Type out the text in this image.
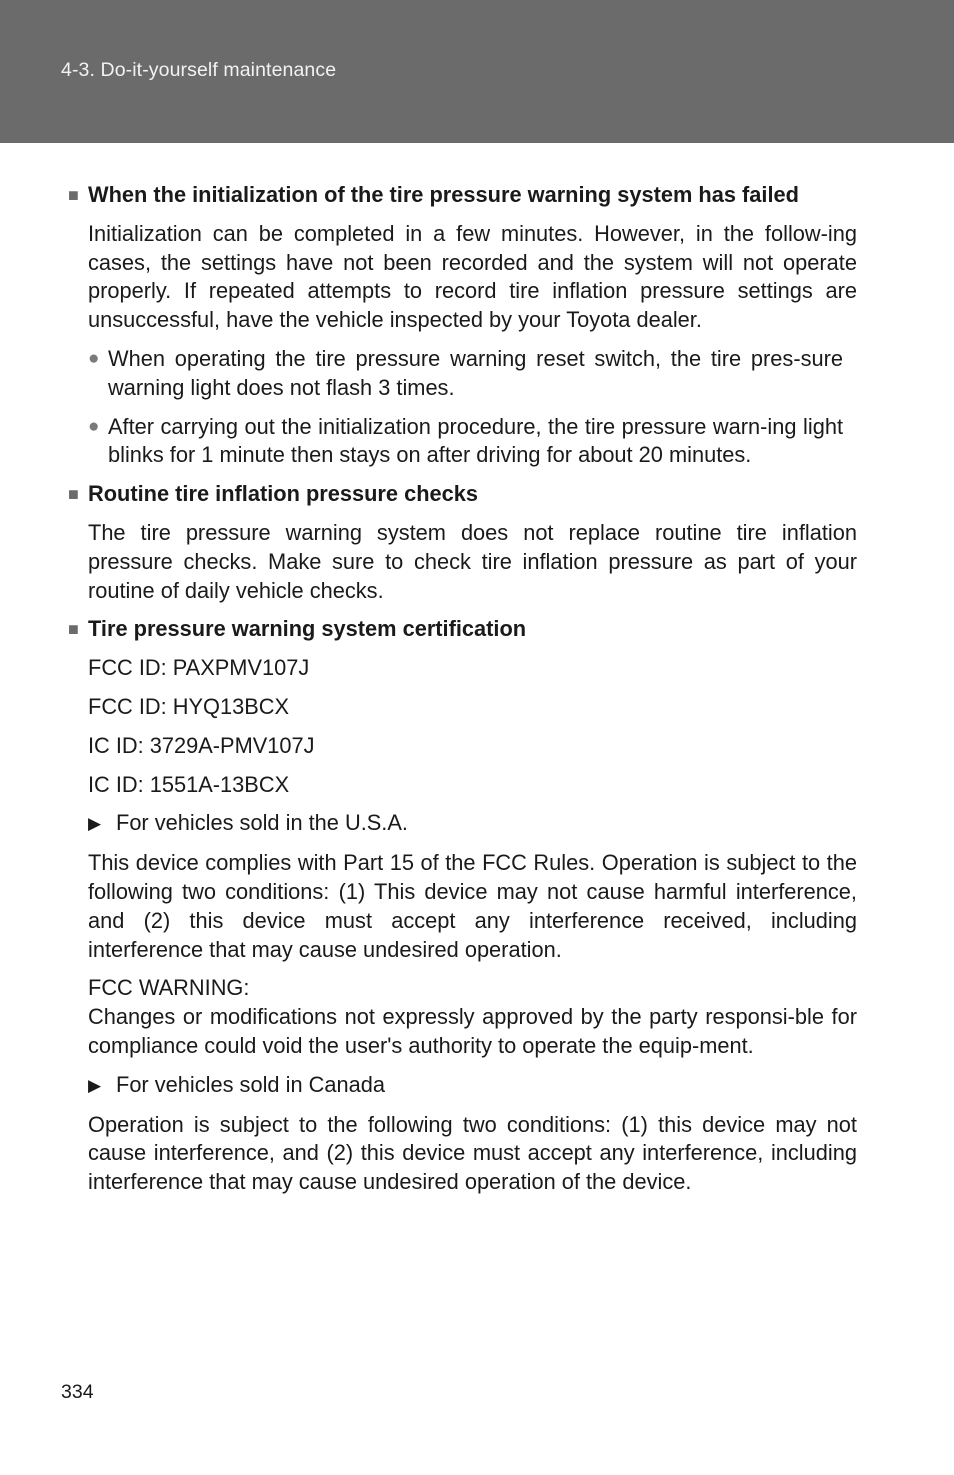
4-3. Do-it-yourself maintenance
■ When the initialization of the tire pressure warning system has failed
Initialization can be completed in a few minutes. However, in the follow-ing cases, the settings have not been recorded and the system will not operate properly. If repeated attempts to record tire inflation pressure settings are unsuccessful, have the vehicle inspected by your Toyota dealer.
● When operating the tire pressure warning reset switch, the tire pres-sure warning light does not flash 3 times.
● After carrying out the initialization procedure, the tire pressure warn-ing light blinks for 1 minute then stays on after driving for about 20 minutes.
■ Routine tire inflation pressure checks
The tire pressure warning system does not replace routine tire inflation pressure checks. Make sure to check tire inflation pressure as part of your routine of daily vehicle checks.
■ Tire pressure warning system certification
FCC ID: PAXPMV107J
FCC ID: HYQ13BCX
IC ID: 3729A-PMV107J
IC ID: 1551A-13BCX
▶ For vehicles sold in the U.S.A.
This device complies with Part 15 of the FCC Rules. Operation is subject to the following two conditions: (1) This device may not cause harmful interference, and (2) this device must accept any interference received, including interference that may cause undesired operation.
FCC WARNING:
Changes or modifications not expressly approved by the party responsi-ble for compliance could void the user's authority to operate the equip-ment.
▶ For vehicles sold in Canada
Operation is subject to the following two conditions: (1) this device may not cause interference, and (2) this device must accept any interference, including interference that may cause undesired operation of the device.
334
